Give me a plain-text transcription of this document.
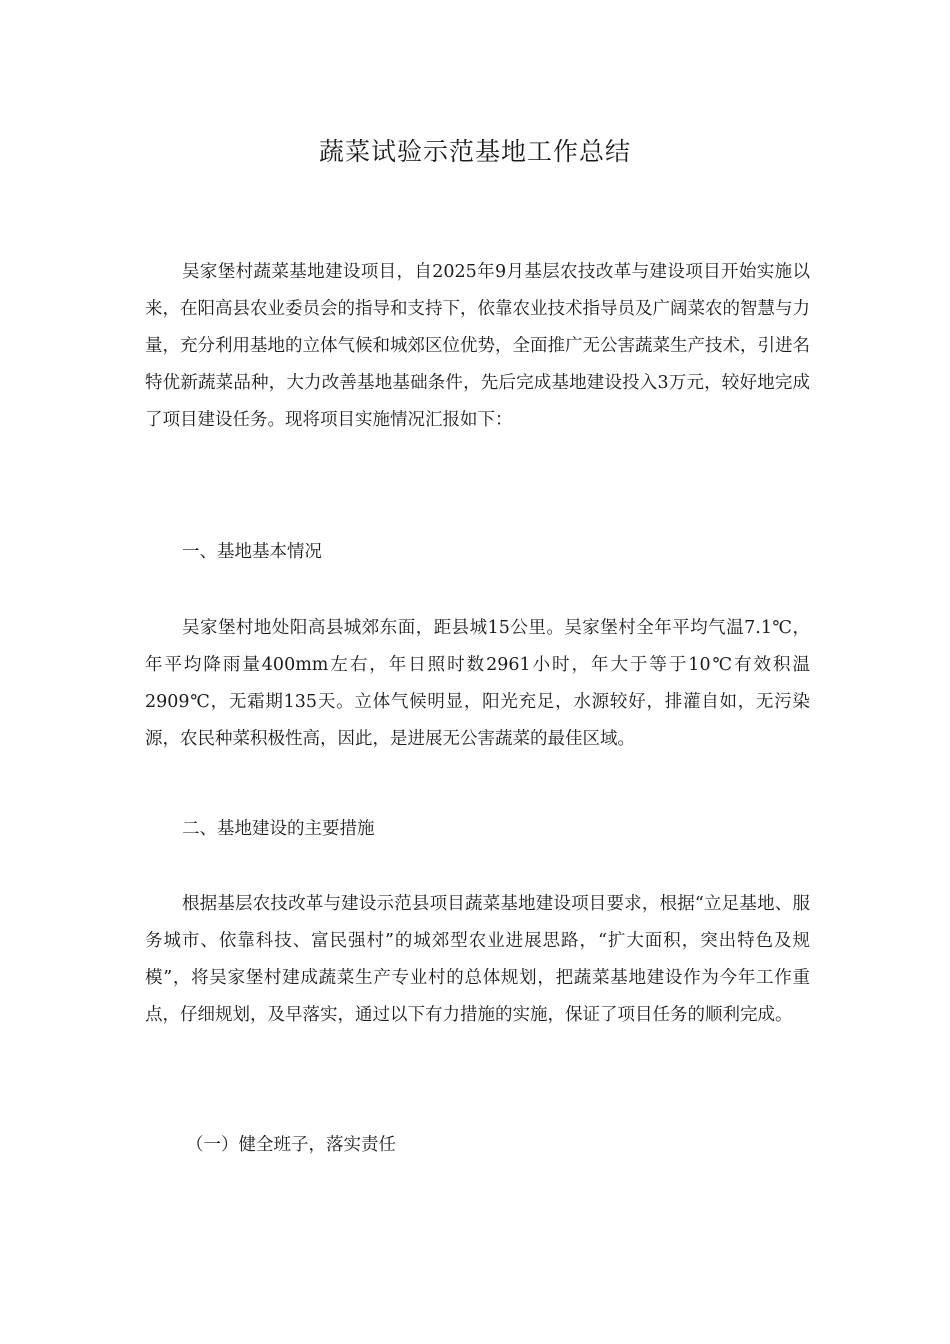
蔬菜试验示范基地工作总结

吴家堡村蔬菜基地建设项目，自2025年9月基层农技改革与建设项目开始实施以来，在阳高县农业委员会的指导和支持下，依靠农业技术指导员及广阔菜农的智慧与力量，充分利用基地的立体气候和城郊区位优势，全面推广无公害蔬菜生产技术，引进名特优新蔬菜品种，大力改善基地基础条件，先后完成基地建设投入3万元，较好地完成了项目建设任务。现将项目实施情况汇报如下：

一、基地基本情况

吴家堡村地处阳高县城郊东面，距县城15公里。吴家堡村全年平均气温7.1℃，年平均降雨量400mm左右，年日照时数2961小时，年大于等于10℃有效积温2909℃，无霜期135天。立体气候明显，阳光充足，水源较好，排灌自如，无污染源，农民种菜积极性高，因此，是进展无公害蔬菜的最佳区域。

二、基地建设的主要措施

根据基层农技改革与建设示范县项目蔬菜基地建设项目要求，根据“立足基地、服务城市、依靠科技、富民强村”的城郊型农业进展思路，“扩大面积，突出特色及规模”，将吴家堡村建成蔬菜生产专业村的总体规划，把蔬菜基地建设作为今年工作重点，仔细规划，及早落实，通过以下有力措施的实施，保证了项目任务的顺利完成。

（一）健全班子，落实责任
